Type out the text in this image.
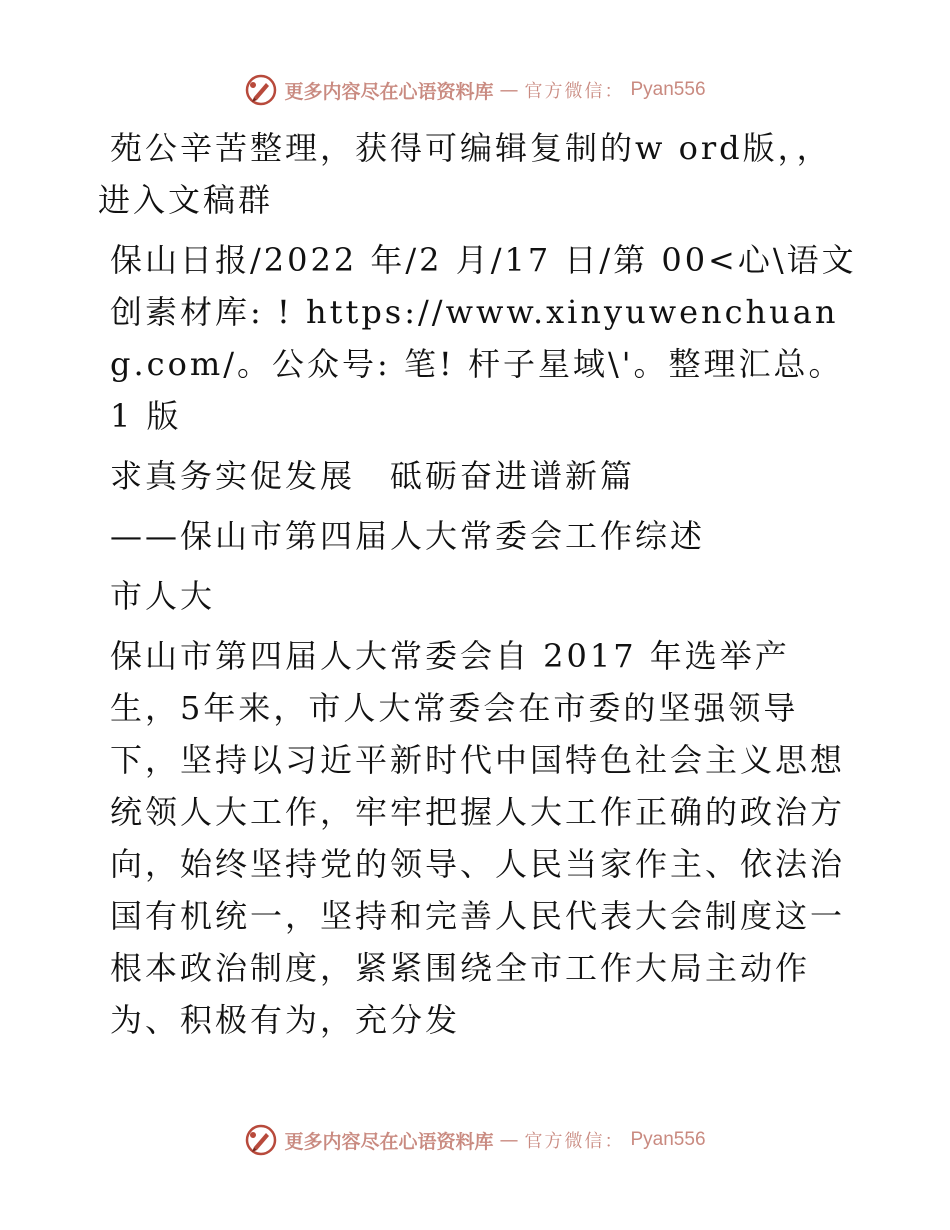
更多内容尽在心语资料库 — 官方微信： Pyan556

苑公辛苦整理，获得可编辑复制的w ord版，，
进入文稿群

保山日报/2022 年/2 月/17 日/第 00<心\语文创素材库: ! https://www.xinyuwenchuang.com/。公众号: 笔! 杆子星域\'。整理汇总。1 版

求真务实促发展　砥砺奋进谱新篇

——保山市第四届人大常委会工作综述

市人大

保山市第四届人大常委会自 2017 年选举产生，5年来，市人大常委会在市委的坚强领导下，坚持以习近平新时代中国特色社会主义思想统领人大工作，牢牢把握人大工作正确的政治方向，始终坚持党的领导、人民当家作主、依法治国有机统一，坚持和完善人民代表大会制度这一根本政治制度，紧紧围绕全市工作大局主动作为、积极有为，充分发

更多内容尽在心语资料库 — 官方微信： Pyan556
